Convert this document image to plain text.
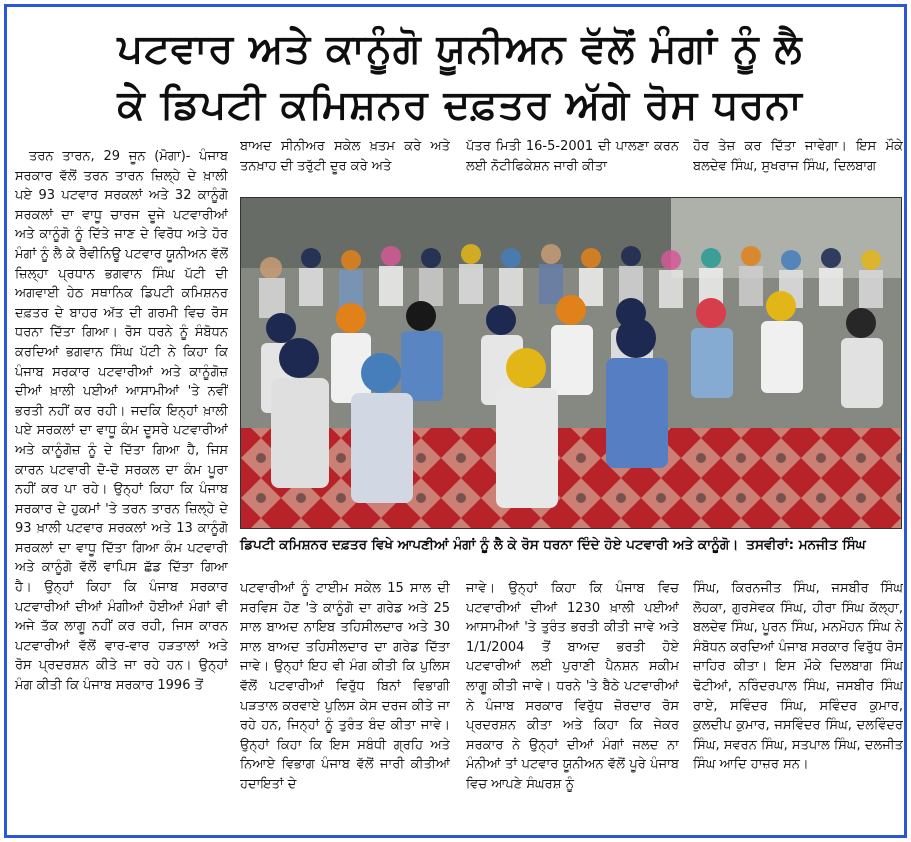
ਪਟਵਾਰ ਅਤੇ ਕਾਨੂੰਗੋ ਯੂਨੀਅਨ ਵੱਲੋਂ ਮੰਗਾਂ ਨੂੰ ਲੈ
ਕੇ ਡਿਪਟੀ ਕਮਿਸ਼ਨਰ ਦਫ਼ਤਰ ਅੱਗੇ ਰੋਸ ਧਰਨਾ

ਤਰਨ ਤਾਰਨ, 29 ਜੂਨ (ਮੋਗਾ)- ਪੰਜਾਬ ਸਰਕਾਰ ਵੱਲੋਂ ਤਰਨ ਤਾਰਨ ਜ਼ਿਲ੍ਹੇ ਦੇ ਖ਼ਾਲੀ ਪਏ 93 ਪਟਵਾਰ ਸਰਕਲਾਂ ਅਤੇ 32 ਕਾਨੂੰਗੋ ਸਰਕਲਾਂ ਦਾ ਵਾਧੂ ਚਾਰਜ ਦੂਜੇ ਪਟਵਾਰੀਆਂ ਅਤੇ ਕਾਨੂੰਗੋ ਨੂੰ ਦਿੱਤੇ ਜਾਣ ਦੇ ਵਿਰੋਧ ਅਤੇ ਹੋਰ ਮੰਗਾਂ ਨੂੰ ਲੈ ਕੇ ਰੈਵੀਨਿਊ ਪਟਵਾਰ ਯੂਨੀਅਨ ਵੱਲੋਂ ਜ਼ਿਲ੍ਹਾ ਪ੍ਰਧਾਨ ਭਗਵਾਨ ਸਿੰਘ ਪੱਟੀ ਦੀ ਅਗਵਾਈ ਹੇਠ ਸਥਾਨਿਕ ਡਿਪਟੀ ਕਮਿਸ਼ਨਰ ਦਫ਼ਤਰ ਦੇ ਬਾਹਰ ਅੱਤ ਦੀ ਗਰਮੀ ਵਿਚ ਰੋਸ ਧਰਨਾ ਦਿੱਤਾ ਗਿਆ। ਰੋਸ ਧਰਨੇ ਨੂੰ ਸੰਬੋਧਨ ਕਰਦਿਆਂ ਭਗਵਾਨ ਸਿੰਘ ਪੱਟੀ ਨੇ ਕਿਹਾ ਕਿ ਪੰਜਾਬ ਸਰਕਾਰ ਪਟਵਾਰੀਆਂ ਅਤੇ ਕਾਨੂੰਗੋਜ਼ ਦੀਆਂ ਖ਼ਾਲੀ ਪਈਆਂ ਆਸਾਮੀਆਂ 'ਤੇ ਨਵੀਂ ਭਰਤੀ ਨਹੀਂ ਕਰ ਰਹੀ। ਜਦਕਿ ਇਨ੍ਹਾਂ ਖ਼ਾਲੀ ਪਏ ਸਰਕਲਾਂ ਦਾ ਵਾਧੂ ਕੰਮ ਦੂਸਰੇ ਪਟਵਾਰੀਆਂ ਅਤੇ ਕਾਨੂੰਗੋਜ਼ ਨੂੰ ਦੇ ਦਿੱਤਾ ਗਿਆ ਹੈ, ਜਿਸ ਕਾਰਨ ਪਟਵਾਰੀ ਦੋ-ਦੋ ਸਰਕਲ ਦਾ ਕੰਮ ਪੂਰਾ ਨਹੀਂ ਕਰ ਪਾ ਰਹੇ। ਉਨ੍ਹਾਂ ਕਿਹਾ ਕਿ ਪੰਜਾਬ ਸਰਕਾਰ ਦੇ ਹੁਕਮਾਂ 'ਤੇ ਤਰਨ ਤਾਰਨ ਜ਼ਿਲ੍ਹੇ ਦੇ 93 ਖ਼ਾਲੀ ਪਟਵਾਰ ਸਰਕਲਾਂ ਅਤੇ 13 ਕਾਨੂੰਗੋ ਸਰਕਲਾਂ ਦਾ ਵਾਧੂ ਦਿੱਤਾ ਗਿਆ ਕੰਮ ਪਟਵਾਰੀ ਅਤੇ ਕਾਨੂੰਗੋ ਵੱਲੋਂ ਵਾਪਿਸ ਛੱਡ ਦਿੱਤਾ ਗਿਆ ਹੈ। ਉਨ੍ਹਾਂ ਕਿਹਾ ਕਿ ਪੰਜਾਬ ਸਰਕਾਰ ਪਟਵਾਰੀਆਂ ਦੀਆਂ ਮੰਗੀਆਂ ਹੋਈਆਂ ਮੰਗਾਂ ਵੀ ਅਜੇ ਤੱਕ ਲਾਗੂ ਨਹੀਂ ਕਰ ਰਹੀ, ਜਿਸ ਕਾਰਨ ਪਟਵਾਰੀਆਂ ਵੱਲੋਂ ਵਾਰ-ਵਾਰ ਹੜਤਾਲਾਂ ਅਤੇ ਰੋਸ ਪ੍ਰਦਰਸ਼ਨ ਕੀਤੇ ਜਾ ਰਹੇ ਹਨ। ਉਨ੍ਹਾਂ ਮੰਗ ਕੀਤੀ ਕਿ ਪੰਜਾਬ ਸਰਕਾਰ 1996 ਤੋਂ

ਬਾਅਦ ਸੀਨੀਅਰ ਸਕੇਲ ਖ਼ਤਮ ਕਰੇ ਅਤੇ ਤਨਖ਼ਾਹ ਦੀ ਤਰੁੱਟੀ ਦੂਰ ਕਰੇ ਅਤੇ
ਪੱਤਰ ਮਿਤੀ 16-5-2001 ਦੀ ਪਾਲਣਾ ਕਰਨ ਲਈ ਨੋਟੀਫਿਕੇਸ਼ਨ ਜਾਰੀ ਕੀਤਾ
ਹੋਰ ਤੇਜ਼ ਕਰ ਦਿੱਤਾ ਜਾਵੇਗਾ। ਇਸ ਮੌਕੇ ਬਲਦੇਵ ਸਿੰਘ, ਸੁਖਰਾਜ ਸਿੰਘ, ਦਿਲਬਾਗ
ਡਿਪਟੀ ਕਮਿਸ਼ਨਰ ਦਫ਼ਤਰ ਵਿਖੇ ਆਪਣੀਆਂ ਮੰਗਾਂ ਨੂੰ ਲੈ ਕੇ ਰੋਸ ਧਰਨਾ ਦਿੰਦੇ ਹੋਏ ਪਟਵਾਰੀ ਅਤੇ ਕਾਨੂੰਗੋ। ਤਸਵੀਰਾਂ: ਮਨਜੀਤ ਸਿੰਘ
ਪਟਵਾਰੀਆਂ ਨੂੰ ਟਾਈਮ ਸਕੇਲ 15 ਸਾਲ ਦੀ ਸਰਵਿਸ ਹੋਣ 'ਤੇ ਕਾਨੂੰਗੋ ਦਾ ਗਰੇਡ ਅਤੇ 25 ਸਾਲ ਬਾਅਦ ਨਾਇਬ ਤਹਿਸੀਲਦਾਰ ਅਤੇ 30 ਸਾਲ ਬਾਅਦ ਤਹਿਸੀਲਦਾਰ ਦਾ ਗਰੇਡ ਦਿੱਤਾ ਜਾਵੇ। ਉਨ੍ਹਾਂ ਇਹ ਵੀ ਮੰਗ ਕੀਤੀ ਕਿ ਪੁਲਿਸ ਵੱਲੋਂ ਪਟਵਾਰੀਆਂ ਵਿਰੁੱਧ ਬਿਨਾਂ ਵਿਭਾਗੀ ਪੜਤਾਲ ਕਰਵਾਏ ਪੁਲਿਸ ਕੇਸ ਦਰਜ ਕੀਤੇ ਜਾ ਰਹੇ ਹਨ, ਜਿਨ੍ਹਾਂ ਨੂੰ ਤੁਰੰਤ ਬੰਦ ਕੀਤਾ ਜਾਵੇ। ਉਨ੍ਹਾਂ ਕਿਹਾ ਕਿ ਇਸ ਸਬੰਧੀ ਗ੍ਰਹਿ ਅਤੇ ਨਿਆਏ ਵਿਭਾਗ ਪੰਜਾਬ ਵੱਲੋਂ ਜਾਰੀ ਕੀਤੀਆਂ ਹਦਾਇਤਾਂ ਦੇ
ਜਾਵੇ। ਉਨ੍ਹਾਂ ਕਿਹਾ ਕਿ ਪੰਜਾਬ ਵਿਚ ਪਟਵਾਰੀਆਂ ਦੀਆਂ 1230 ਖ਼ਾਲੀ ਪਈਆਂ ਆਸਾਮੀਆਂ 'ਤੇ ਤੁਰੰਤ ਭਰਤੀ ਕੀਤੀ ਜਾਵੇ ਅਤੇ 1/1/2004 ਤੋਂ ਬਾਅਦ ਭਰਤੀ ਹੋਏ ਪਟਵਾਰੀਆਂ ਲਈ ਪੁਰਾਣੀ ਪੈਨਸ਼ਨ ਸਕੀਮ ਲਾਗੂ ਕੀਤੀ ਜਾਵੇ। ਧਰਨੇ 'ਤੇ ਬੈਠੇ ਪਟਵਾਰੀਆਂ ਨੇ ਪੰਜਾਬ ਸਰਕਾਰ ਵਿਰੁੱਧ ਜ਼ੋਰਦਾਰ ਰੋਸ ਪ੍ਰਦਰਸ਼ਨ ਕੀਤਾ ਅਤੇ ਕਿਹਾ ਕਿ ਜੇਕਰ ਸਰਕਾਰ ਨੇ ਉਨ੍ਹਾਂ ਦੀਆਂ ਮੰਗਾਂ ਜਲਦ ਨਾ ਮੰਨੀਆਂ ਤਾਂ ਪਟਵਾਰ ਯੂਨੀਅਨ ਵੱਲੋਂ ਪੂਰੇ ਪੰਜਾਬ ਵਿਚ ਆਪਣੇ ਸੰਘਰਸ਼ ਨੂੰ
ਸਿੰਘ, ਕਿਰਨਜੀਤ ਸਿੰਘ, ਜਸਬੀਰ ਸਿੰਘ ਲੋਹਕਾ, ਗੁਰਸੇਵਕ ਸਿੰਘ, ਹੀਰਾ ਸਿੰਘ ਕੱਲ੍ਹਾ, ਬਲਦੇਵ ਸਿੰਘ, ਪੂਰਨ ਸਿੰਘ, ਮਨਮੋਹਨ ਸਿੰਘ ਨੇ ਸੰਬੋਧਨ ਕਰਦਿਆਂ ਪੰਜਾਬ ਸਰਕਾਰ ਵਿਰੁੱਧ ਰੋਸ ਜ਼ਾਹਿਰ ਕੀਤਾ। ਇਸ ਮੌਕੇ ਦਿਲਬਾਗ ਸਿੰਘ ਢੋਟੀਆਂ, ਨਰਿੰਦਰਪਾਲ ਸਿੰਘ, ਜਸਬੀਰ ਸਿੰਘ ਰਾਏ, ਸਵਿੰਦਰ ਸਿੰਘ, ਸਵਿੰਦਰ ਕੁਮਾਰ, ਕੁਲਦੀਪ ਕੁਮਾਰ, ਜਸਵਿੰਦਰ ਸਿੰਘ, ਦਲਵਿੰਦਰ ਸਿੰਘ, ਸਵਰਨ ਸਿੰਘ, ਸਤਪਾਲ ਸਿੰਘ, ਦਲਜੀਤ ਸਿੰਘ ਆਦਿ ਹਾਜ਼ਰ ਸਨ।
